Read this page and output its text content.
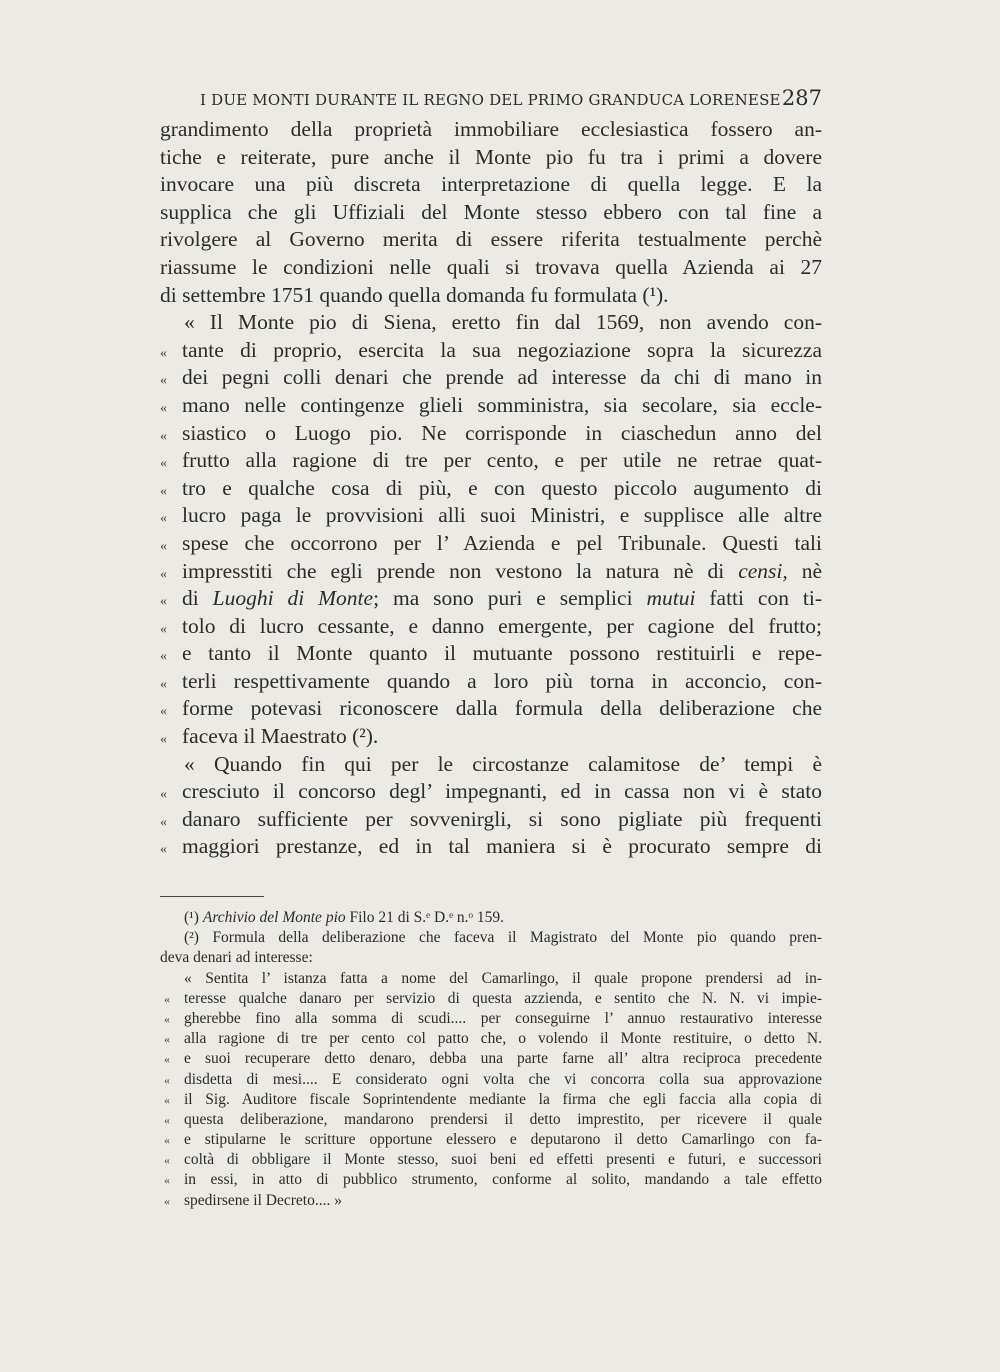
I DUE MONTI DURANTE IL REGNO DEL PRIMO GRANDUCA LORENESE 287
grandimento della proprietà immobiliare ecclesiastica fossero an-
tiche e reiterate, pure anche il Monte pio fu tra i primi a dovere
invocare una più discreta interpretazione di quella legge. E la
supplica che gli Uffiziali del Monte stesso ebbero con tal fine a
rivolgere al Governo merita di essere riferita testualmente perchè
riassume le condizioni nelle quali si trovava quella Azienda ai 27
di settembre 1751 quando quella domanda fu formulata (¹).
« Il Monte pio di Siena, eretto fin dal 1569, non avendo con-
« tante di proprio, esercita la sua negoziazione sopra la sicurezza
« dei pegni colli denari che prende ad interesse da chi di mano in
« mano nelle contingenze glieli somministra, sia secolare, sia eccle-
« siastico o Luogo pio. Ne corrisponde in ciaschedun anno del
« frutto alla ragione di tre per cento, e per utile ne retrae quat-
« tro e qualche cosa di più, e con questo piccolo augumento di
« lucro paga le provvisioni alli suoi Ministri, e supplisce alle altre
« spese che occorrono per l’ Azienda e pel Tribunale. Questi tali
« impresstiti che egli prende non vestono la natura nè di censi, nè
« di Luoghi di Monte; ma sono puri e semplici mutui fatti con ti-
« tolo di lucro cessante, e danno emergente, per cagione del frutto;
« e tanto il Monte quanto il mutuante possono restituirli e repe-
« terli respettivamente quando a loro più torna in acconcio, con-
« forme potevasi riconoscere dalla formula della deliberazione che
« faceva il Maestrato (²).
« Quando fin qui per le circostanze calamitose de’ tempi è
« cresciuto il concorso degl’ impegnanti, ed in cassa non vi è stato
« danaro sufficiente per sovvenirgli, si sono pigliate più frequenti
« maggiori prestanze, ed in tal maniera si è procurato sempre di
(¹) Archivio del Monte pio Filo 21 di S.ᵉ D.ᵉ n.ᵒ 159.
(²) Formula della deliberazione che faceva il Magistrato del Monte pio quando pren-
deva denari ad interesse:
« Sentita l’ istanza fatta a nome del Camarlingo, il quale propone prendersi ad in-
« teresse qualche danaro per servizio di questa azzienda, e sentito che N. N. vi impie-
« gherebbe fino alla somma di scudi.... per conseguirne l’ annuo restaurativo interesse
« alla ragione di tre per cento col patto che, o volendo il Monte restituire, o detto N.
« e suoi recuperare detto denaro, debba una parte farne all’ altra reciproca precedente
« disdetta di mesi.... E considerato ogni volta che vi concorra colla sua approvazione
« il Sig. Auditore fiscale Soprintendente mediante la firma che egli faccia alla copia di
« questa deliberazione, mandarono prendersi il detto imprestito, per ricevere il quale
« e stipularne le scritture opportune elessero e deputarono il detto Camarlingo con fa-
« coltà di obbligare il Monte stesso, suoi beni ed effetti presenti e futuri, e successori
« in essi, in atto di pubblico strumento, conforme al solito, mandando a tale effetto
« spedirsene il Decreto.... »
